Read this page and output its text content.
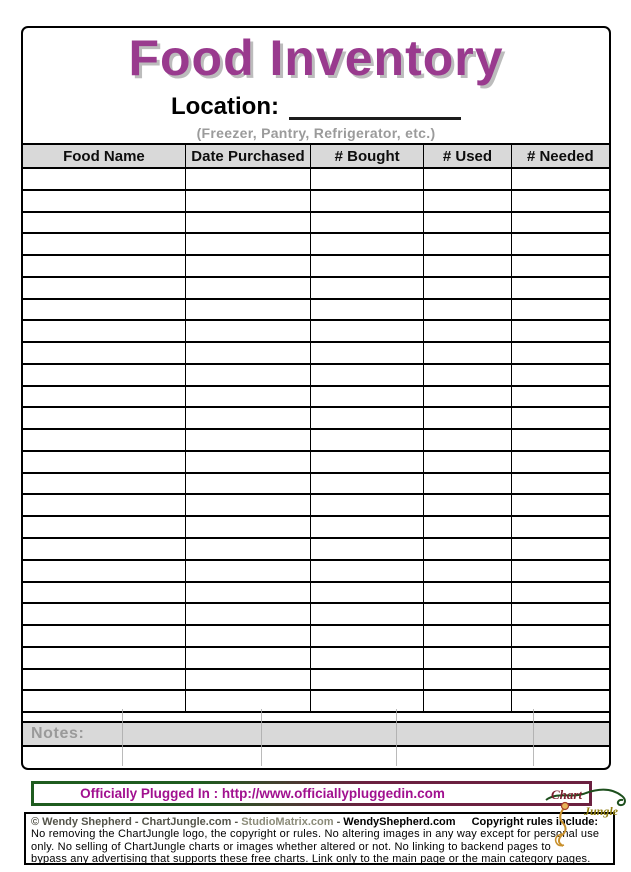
Food Inventory
Location:
(Freezer, Pantry, Refrigerator, etc.)
Food Name	Date Purchased	# Bought	# Used	# Needed
Notes:
Officially Plugged In : http://www.officiallypluggedin.com
© Wendy Shepherd - ChartJungle.com - StudioMatrix.com - WendyShepherd.com Copyright rules include:
No removing the ChartJungle logo, the copyright or rules. No altering images in any way except for personal use
only. No selling of ChartJungle charts or images whether altered or not. No linking to backend pages to
bypass any advertising that supports these free charts. Link only to the main page or the main category pages.
Chart
Jungle
